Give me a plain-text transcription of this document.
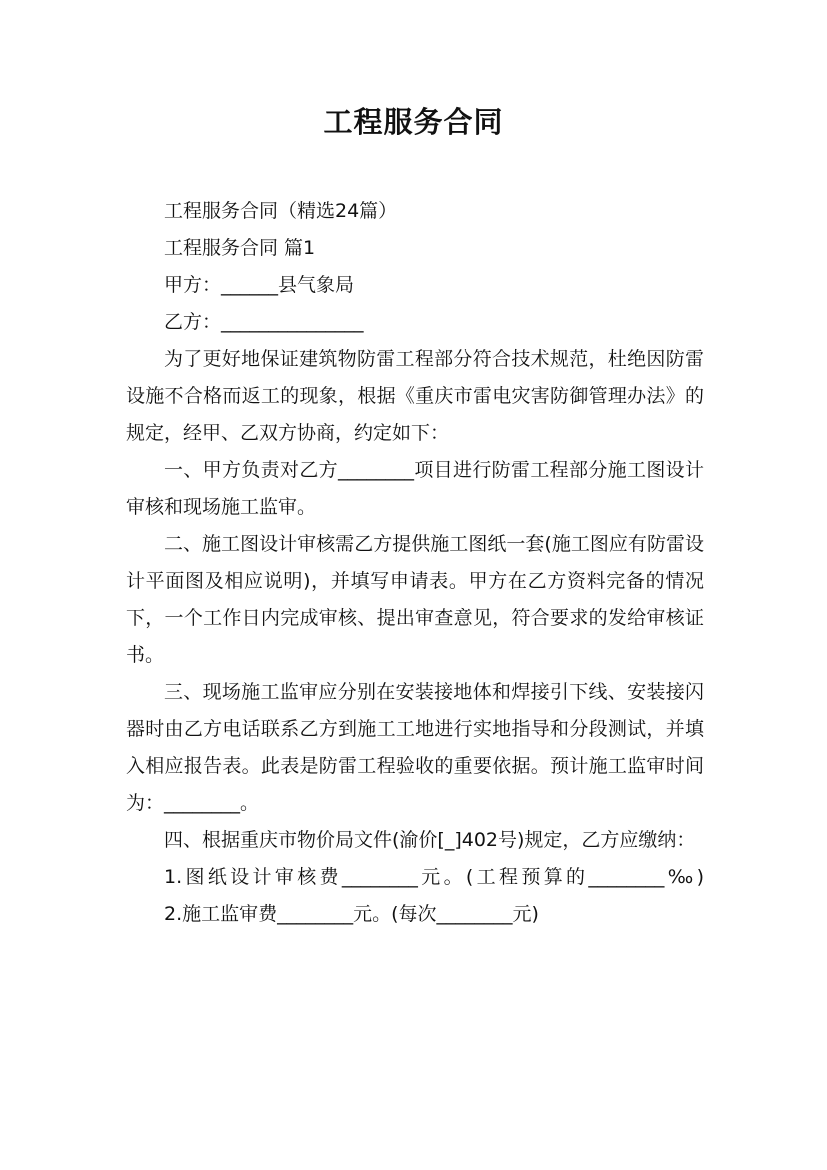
工程服务合同

工程服务合同（精选24篇）

工程服务合同 篇1

甲方：______县气象局

乙方：_______________

为了更好地保证建筑物防雷工程部分符合技术规范，杜绝因防雷设施不合格而返工的现象，根据《重庆市雷电灾害防御管理办法》的规定，经甲、乙双方协商，约定如下：

一、甲方负责对乙方________项目进行防雷工程部分施工图设计审核和现场施工监审。

二、施工图设计审核需乙方提供施工图纸一套(施工图应有防雷设计平面图及相应说明)，并填写申请表。甲方在乙方资料完备的情况下，一个工作日内完成审核、提出审查意见，符合要求的发给审核证书。

三、现场施工监审应分别在安装接地体和焊接引下线、安装接闪器时由乙方电话联系乙方到施工工地进行实地指导和分段测试，并填入相应报告表。此表是防雷工程验收的重要依据。预计施工监审时间为：________。

四、根据重庆市物价局文件(渝价[_]402号)规定，乙方应缴纳：

1.图纸设计审核费________元。(工程预算的________‰)

2.施工监审费________元。(每次________元)
